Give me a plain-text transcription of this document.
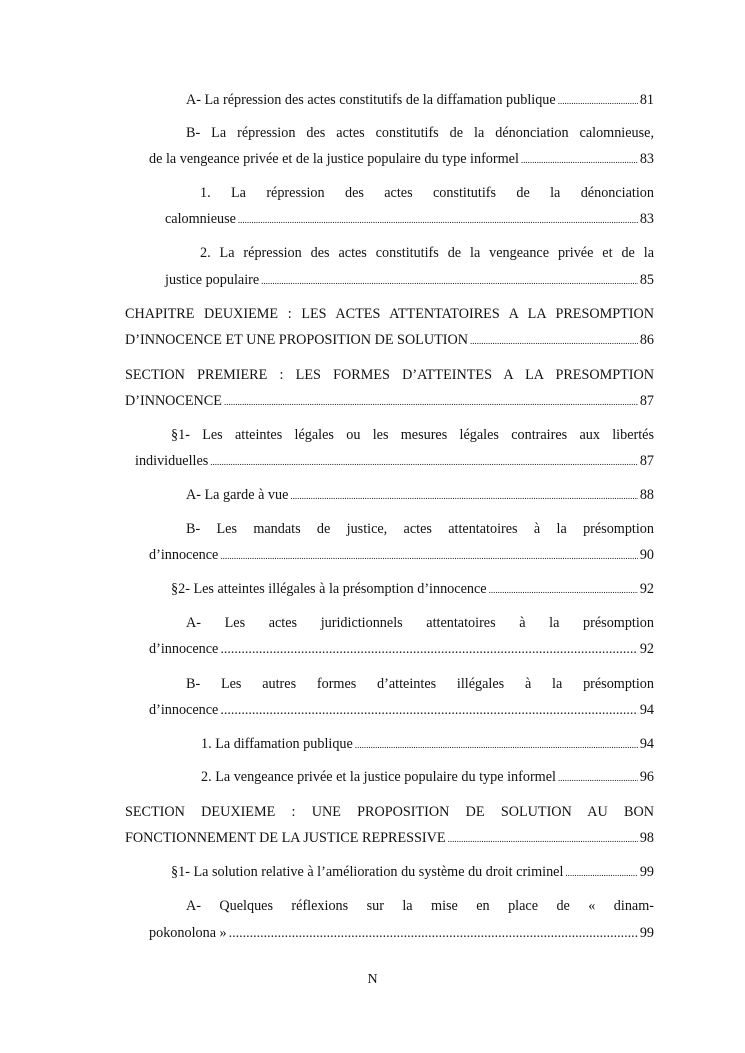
A- La répression des actes constitutifs de la diffamation publique .....	81
B- La répression des actes constitutifs de la dénonciation calomnieuse,
de la vengeance privée et de la justice populaire du type informel .....	83
1. La répression des actes constitutifs de la dénonciation
calomnieuse .....	83
2. La répression des actes constitutifs de la vengeance privée et de la
justice populaire .....	85
CHAPITRE DEUXIEME : LES ACTES ATTENTATOIRES A LA PRESOMPTION
D’INNOCENCE ET UNE PROPOSITION DE SOLUTION .....	86
SECTION PREMIERE : LES FORMES D’ATTEINTES A LA PRESOMPTION
D’INNOCENCE .....	87
§1- Les atteintes légales ou les mesures légales contraires aux libertés
individuelles .....	87
A- La garde à vue .....	88
B- Les mandats de justice, actes attentatoires à la présomption
d’innocence .....	90
§2- Les atteintes illégales à la présomption d’innocence .....	92
A- Les actes juridictionnels attentatoires à la présomption
d’innocence .....	92
B- Les autres formes d’atteintes illégales à la présomption
d’innocence .....	94
1. La diffamation publique .....	94
2. La vengeance privée et la justice populaire du type informel .....	96
SECTION DEUXIEME : UNE PROPOSITION DE SOLUTION AU BON
FONCTIONNEMENT DE LA JUSTICE REPRESSIVE .....	98
§1- La solution relative à l’amélioration du système du droit criminel .....	99
A- Quelques réflexions sur la mise en place de « dinam-
pokonolona » .....	99
N
